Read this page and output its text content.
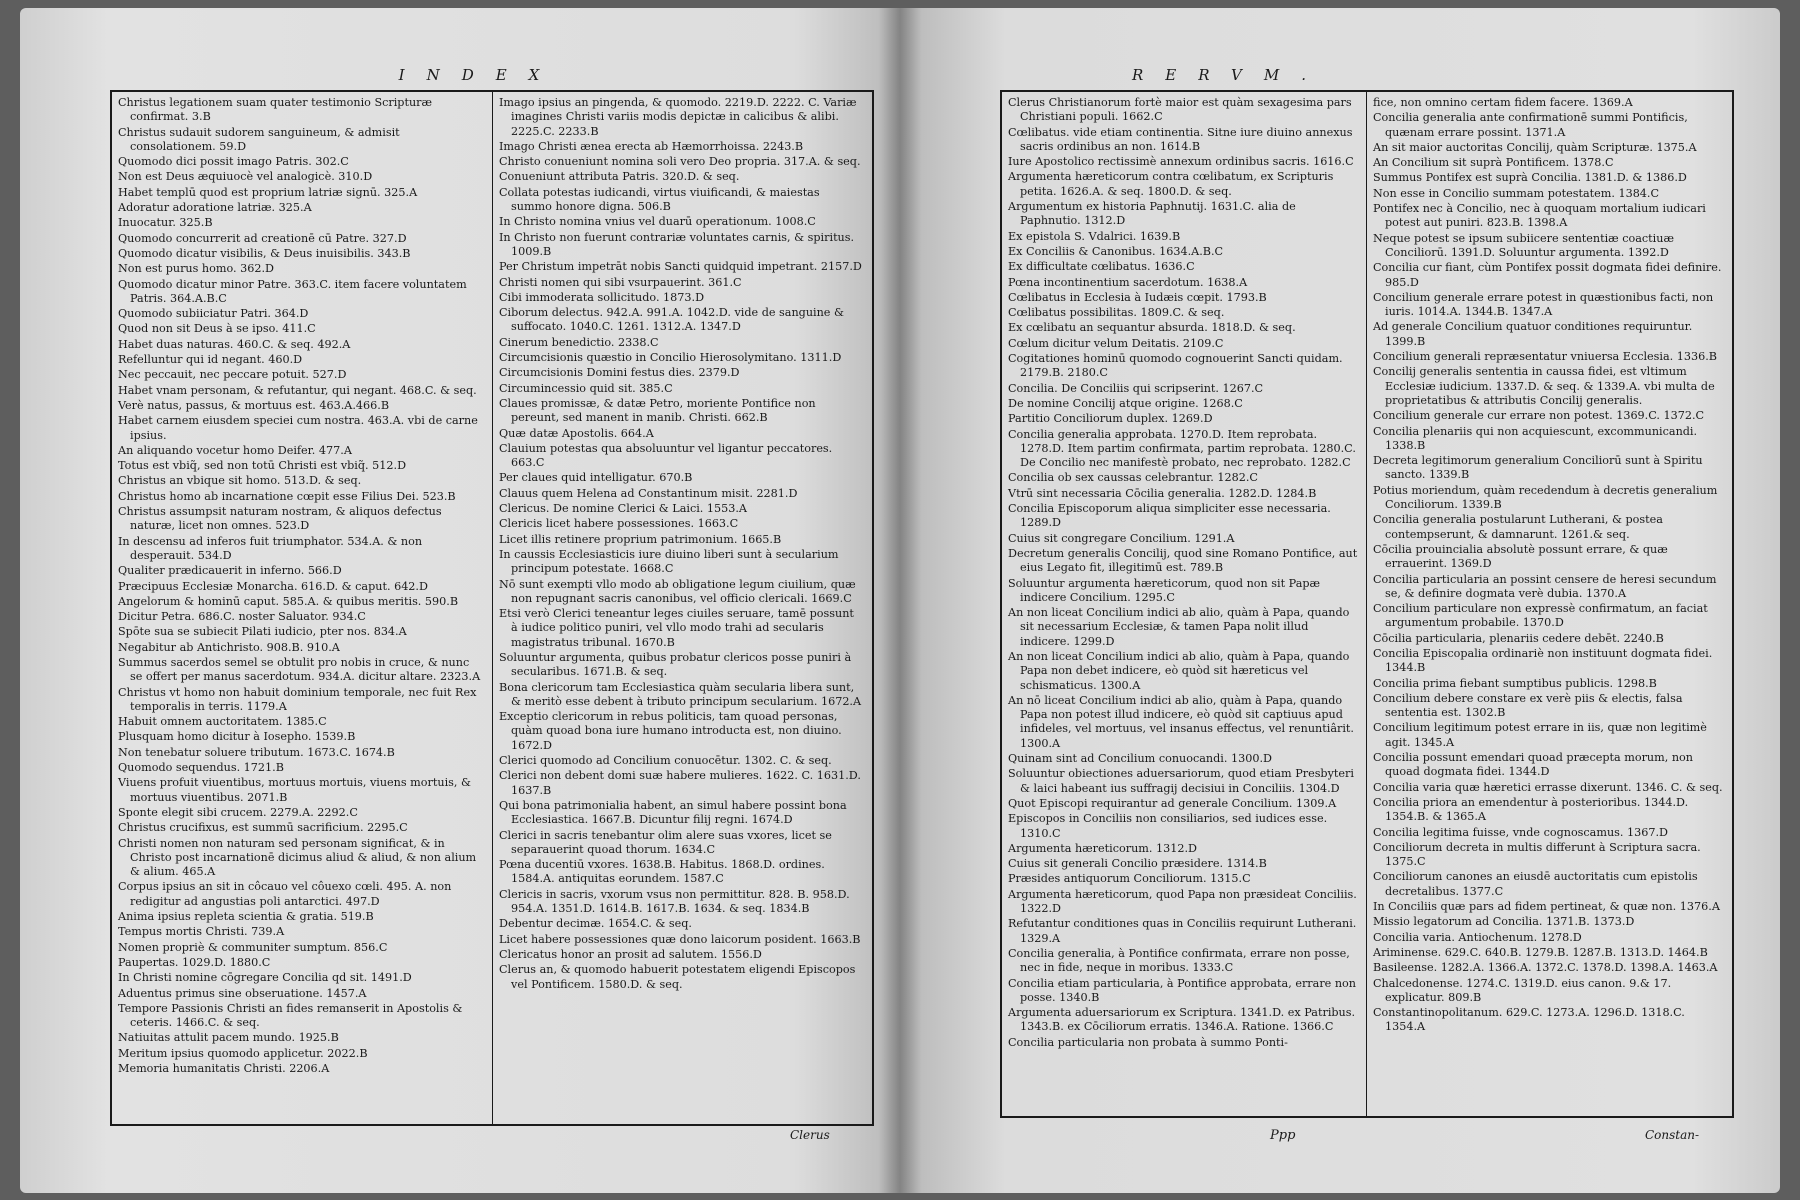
INDEX
Christus legationem suam quater testimonio Scripturæ confirmat. 3.B
Christus sudauit sudorem sanguineum, & admisit consolationem. 59.D
Quomodo dici possit imago Patris. 302.C
Non est Deus æquiuocè vel analogicè. 310.D
Habet templū quod est proprium latriæ signū. 325.A
Adoratur adoratione latriæ. 325.A
Inuocatur. 325.B
Quomodo concurrerit ad creationē cū Patre. 327.D
Quomodo dicatur visibilis, & Deus inuisibilis. 343.B
Non est purus homo. 362.D
Quomodo dicatur minor Patre. 363.C. item facere voluntatem Patris. 364.A.B.C
Quomodo subiiciatur Patri. 364.D
Quod non sit Deus à se ipso. 411.C
Habet duas naturas. 460.C. & seq. 492.A
Refelluntur qui id negant. 460.D
Nec peccauit, nec peccare potuit. 527.D
Habet vnam personam, & refutantur, qui negant. 468.C. & seq.
Verè natus, passus, & mortuus est. 463.A.466.B
Habet carnem eiusdem speciei cum nostra. 463.A. vbi de carne ipsius.
An aliquando vocetur homo Deifer. 477.A
Totus est vbiq̃, sed non totū Christi est vbiq̃. 512.D
Christus an vbique sit homo. 513.D. & seq.
Christus homo ab incarnatione cœpit esse Filius Dei. 523.B
Christus assumpsit naturam nostram, & aliquos defectus naturæ, licet non omnes. 523.D
In descensu ad inferos fuit triumphator. 534.A. & non desperauit. 534.D
Qualiter prædicauerit in inferno. 566.D
Præcipuus Ecclesiæ Monarcha. 616.D. & caput. 642.D
Angelorum & hominū caput. 585.A. & quibus meritis. 590.B
Dicitur Petra. 686.C. noster Saluator. 934.C
Spōte sua se subiecit Pilati iudicio, pter nos. 834.A
Negabitur ab Antichristo. 908.B. 910.A
Summus sacerdos semel se obtulit pro nobis in cruce, & nunc se offert per manus sacerdotum. 934.A. dicitur altare. 2323.A
Christus vt homo non habuit dominium temporale, nec fuit Rex temporalis in terris. 1179.A
Habuit omnem auctoritatem. 1385.C
Plusquam homo dicitur à Iosepho. 1539.B
Non tenebatur soluere tributum. 1673.C. 1674.B
Quomodo sequendus. 1721.B
Viuens profuit viuentibus, mortuus mortuis, viuens mortuis, & mortuus viuentibus. 2071.B
Sponte elegit sibi crucem. 2279.A. 2292.C
Christus crucifixus, est summū sacrificium. 2295.C
Christi nomen non naturam sed personam significat, & in Christo post incarnationē dicimus aliud & aliud, & non alium & alium. 465.A
Corpus ipsius an sit in côcauo vel côuexo cœli. 495. A. non redigitur ad angustias poli antarctici. 497.D
Anima ipsius repleta scientia & gratia. 519.B
Tempus mortis Christi. 739.A
Nomen propriè & communiter sumptum. 856.C
Paupertas. 1029.D. 1880.C
In Christi nomine cōgregare Concilia qd sit. 1491.D
Aduentus primus sine obseruatione. 1457.A
Tempore Passionis Christi an fides remanserit in Apostolis & ceteris. 1466.C. & seq.
Natiuitas attulit pacem mundo. 1925.B
Meritum ipsius quomodo applicetur. 2022.B
Memoria humanitatis Christi. 2206.A
Imago ipsius an pingenda, & quomodo. 2219.D. 2222. C. Variæ imagines Christi variis modis depictæ in calicibus & alibi. 2225.C. 2233.B
Imago Christi ænea erecta ab Hæmorrhoissa. 2243.B
Christo conueniunt nomina soli vero Deo propria. 317.A. & seq.
Conueniunt attributa Patris. 320.D. & seq.
Collata potestas iudicandi, virtus viuificandi, & maiestas summo honore digna. 506.B
In Christo nomina vnius vel duarū operationum. 1008.C
In Christo non fuerunt contrariæ voluntates carnis, & spiritus. 1009.B
Per Christum impetrāt nobis Sancti quidquid impetrant. 2157.D
Christi nomen qui sibi vsurpauerint. 361.C
Cibi immoderata sollicitudo. 1873.D
Ciborum delectus. 942.A. 991.A. 1042.D. vide de sanguine & suffocato. 1040.C. 1261. 1312.A. 1347.D
Cinerum benedictio. 2338.C
Circumcisionis quæstio in Concilio Hierosolymitano. 1311.D
Circumcisionis Domini festus dies. 2379.D
Circumincessio quid sit. 385.C
Claues promissæ, & datæ Petro, moriente Pontifice non pereunt, sed manent in manib. Christi. 662.B
Quæ datæ Apostolis. 664.A
Clauium potestas qua absoluuntur vel ligantur peccatores. 663.C
Per claues quid intelligatur. 670.B
Clauus quem Helena ad Constantinum misit. 2281.D
Clericus. De nomine Clerici & Laici. 1553.A
Clericis licet habere possessiones. 1663.C
Licet illis retinere proprium patrimonium. 1665.B
In caussis Ecclesiasticis iure diuino liberi sunt à secularium principum potestate. 1668.C
Nō sunt exempti vllo modo ab obligatione legum ciuilium, quæ non repugnant sacris canonibus, vel officio clericali. 1669.C
Etsi verò Clerici teneantur leges ciuiles seruare, tamē possunt à iudice politico puniri, vel vllo modo trahi ad secularis magistratus tribunal. 1670.B
Soluuntur argumenta, quibus probatur clericos posse puniri à secularibus. 1671.B. & seq.
Bona clericorum tam Ecclesiastica quàm secularia libera sunt, & meritò esse debent à tributo principum secularium. 1672.A
Exceptio clericorum in rebus politicis, tam quoad personas, quàm quoad bona iure humano introducta est, non diuino. 1672.D
Clerici quomodo ad Concilium conuocētur. 1302. C. & seq.
Clerici non debent domi suæ habere mulieres. 1622. C. 1631.D. 1637.B
Qui bona patrimonialia habent, an simul habere possint bona Ecclesiastica. 1667.B. Dicuntur filij regni. 1674.D
Clerici in sacris tenebantur olim alere suas vxores, licet se separauerint quoad thorum. 1634.C
Pœna ducentiū vxores. 1638.B. Habitus. 1868.D. ordines. 1584.A. antiquitas eorundem. 1587.C
Clericis in sacris, vxorum vsus non permittitur. 828. B. 958.D. 954.A. 1351.D. 1614.B. 1617.B. 1634. & seq. 1834.B
Debentur decimæ. 1654.C. & seq.
Licet habere possessiones quæ dono laicorum posident. 1663.B
Clericatus honor an prosit ad salutem. 1556.D
Clerus an, & quomodo habuerit potestatem eligendi Episcopos vel Pontificem. 1580.D. & seq.
Clerus
RERVM.
Clerus Christianorum fortè maior est quàm sexagesima pars Christiani populi. 1662.C
Cœlibatus. vide etiam continentia. Sitne iure diuino annexus sacris ordinibus an non. 1614.B
Iure Apostolico rectissimè annexum ordinibus sacris. 1616.C
Argumenta hæreticorum contra cœlibatum, ex Scripturis petita. 1626.A. & seq. 1800.D. & seq.
Argumentum ex historia Paphnutij. 1631.C. alia de Paphnutio. 1312.D
Ex epistola S. Vdalrici. 1639.B
Ex Conciliis & Canonibus. 1634.A.B.C
Ex difficultate cœlibatus. 1636.C
Pœna incontinentium sacerdotum. 1638.A
Cœlibatus in Ecclesia à Iudæis cœpit. 1793.B
Cœlibatus possibilitas. 1809.C. & seq.
Ex cœlibatu an sequantur absurda. 1818.D. & seq.
Cœlum dicitur velum Deitatis. 2109.C
Cogitationes hominū quomodo cognouerint Sancti quidam. 2179.B. 2180.C
Concilia. De Conciliis qui scripserint. 1267.C
De nomine Concilij atque origine. 1268.C
Partitio Conciliorum duplex. 1269.D
Concilia generalia approbata. 1270.D. Item reprobata. 1278.D. Item partim confirmata, partim reprobata. 1280.C. De Concilio nec manifestè probato, nec reprobato. 1282.C
Concilia ob sex caussas celebrantur. 1282.C
Vtrū sint necessaria Cōcilia generalia. 1282.D. 1284.B
Concilia Episcoporum aliqua simpliciter esse necessaria. 1289.D
Cuius sit congregare Concilium. 1291.A
Decretum generalis Concilij, quod sine Romano Pontifice, aut eius Legato fit, illegitimū est. 789.B
Soluuntur argumenta hæreticorum, quod non sit Papæ indicere Concilium. 1295.C
An non liceat Concilium indici ab alio, quàm à Papa, quando sit necessarium Ecclesiæ, & tamen Papa nolit illud indicere. 1299.D
An non liceat Concilium indici ab alio, quàm à Papa, quando Papa non debet indicere, eò quòd sit hæreticus vel schismaticus. 1300.A
An nō liceat Concilium indici ab alio, quàm à Papa, quando Papa non potest illud indicere, eò quòd sit captiuus apud infideles, vel mortuus, vel insanus effectus, vel renuntiârit. 1300.A
Quinam sint ad Concilium conuocandi. 1300.D
Soluuntur obiectiones aduersariorum, quod etiam Presbyteri & laici habeant ius suffragij decisiui in Conciliis. 1304.D
Quot Episcopi requirantur ad generale Concilium. 1309.A
Episcopos in Conciliis non consiliarios, sed iudices esse. 1310.C
Argumenta hæreticorum. 1312.D
Cuius sit generali Concilio præsidere. 1314.B
Præsides antiquorum Conciliorum. 1315.C
Argumenta hæreticorum, quod Papa non præsideat Conciliis. 1322.D
Refutantur conditiones quas in Conciliis requirunt Lutherani. 1329.A
Concilia generalia, à Pontifice confirmata, errare non posse, nec in fide, neque in moribus. 1333.C
Concilia etiam particularia, à Pontifice approbata, errare non posse. 1340.B
Argumenta aduersariorum ex Scriptura. 1341.D. ex Patribus. 1343.B. ex Cōciliorum erratis. 1346.A. Ratione. 1366.C
Concilia particularia non probata à summo Ponti-
fice, non omnino certam fidem facere. 1369.A
Concilia generalia ante confirmationē summi Pontificis, quænam errare possint. 1371.A
An sit maior auctoritas Concilij, quàm Scripturæ. 1375.A
An Concilium sit suprà Pontificem. 1378.C
Summus Pontifex est suprà Concilia. 1381.D. & 1386.D
Non esse in Concilio summam potestatem. 1384.C
Pontifex nec à Concilio, nec à quoquam mortalium iudicari potest aut puniri. 823.B. 1398.A
Neque potest se ipsum subiicere sententiæ coactiuæ Conciliorū. 1391.D. Soluuntur argumenta. 1392.D
Concilia cur fiant, cùm Pontifex possit dogmata fidei definire. 985.D
Concilium generale errare potest in quæstionibus facti, non iuris. 1014.A. 1344.B. 1347.A
Ad generale Concilium quatuor conditiones requiruntur. 1399.B
Concilium generali repræsentatur vniuersa Ecclesia. 1336.B
Concilij generalis sententia in caussa fidei, est vltimum Ecclesiæ iudicium. 1337.D. & seq. & 1339.A. vbi multa de proprietatibus & attributis Concilij generalis.
Concilium generale cur errare non potest. 1369.C. 1372.C
Concilia plenariis qui non acquiescunt, excommunicandi. 1338.B
Decreta legitimorum generalium Conciliorū sunt à Spiritu sancto. 1339.B
Potius moriendum, quàm recedendum à decretis generalium Conciliorum. 1339.B
Concilia generalia postularunt Lutherani, & postea contempserunt, & damnarunt. 1261.& seq.
Cōcilia prouincialia absolutè possunt errare, & quæ errauerint. 1369.D
Concilia particularia an possint censere de heresi secundum se, & definire dogmata verè dubia. 1370.A
Concilium particulare non expressè confirmatum, an faciat argumentum probabile. 1370.D
Cōcilia particularia, plenariis cedere debēt. 2240.B
Concilia Episcopalia ordinariè non instituunt dogmata fidei. 1344.B
Concilia prima fiebant sumptibus publicis. 1298.B
Concilium debere constare ex verè piis & electis, falsa sententia est. 1302.B
Concilium legitimum potest errare in iis, quæ non legitimè agit. 1345.A
Concilia possunt emendari quoad præcepta morum, non quoad dogmata fidei. 1344.D
Concilia varia quæ hæretici errasse dixerunt. 1346. C. & seq.
Concilia priora an emendentur à posterioribus. 1344.D. 1354.B. & 1365.A
Concilia legitima fuisse, vnde cognoscamus. 1367.D
Conciliorum decreta in multis differunt à Scriptura sacra. 1375.C
Conciliorum canones an eiusdē auctoritatis cum epistolis decretalibus. 1377.C
In Conciliis quæ pars ad fidem pertineat, & quæ non. 1376.A
Missio legatorum ad Concilia. 1371.B. 1373.D
Concilia varia. Antiochenum. 1278.D
Ariminense. 629.C. 640.B. 1279.B. 1287.B. 1313.D. 1464.B
Basileense. 1282.A. 1366.A. 1372.C. 1378.D. 1398.A. 1463.A
Chalcedonense. 1274.C. 1319.D. eius canon. 9.& 17. explicatur. 809.B
Constantinopolitanum. 629.C. 1273.A. 1296.D. 1318.C. 1354.A
Ppp	Constan-
